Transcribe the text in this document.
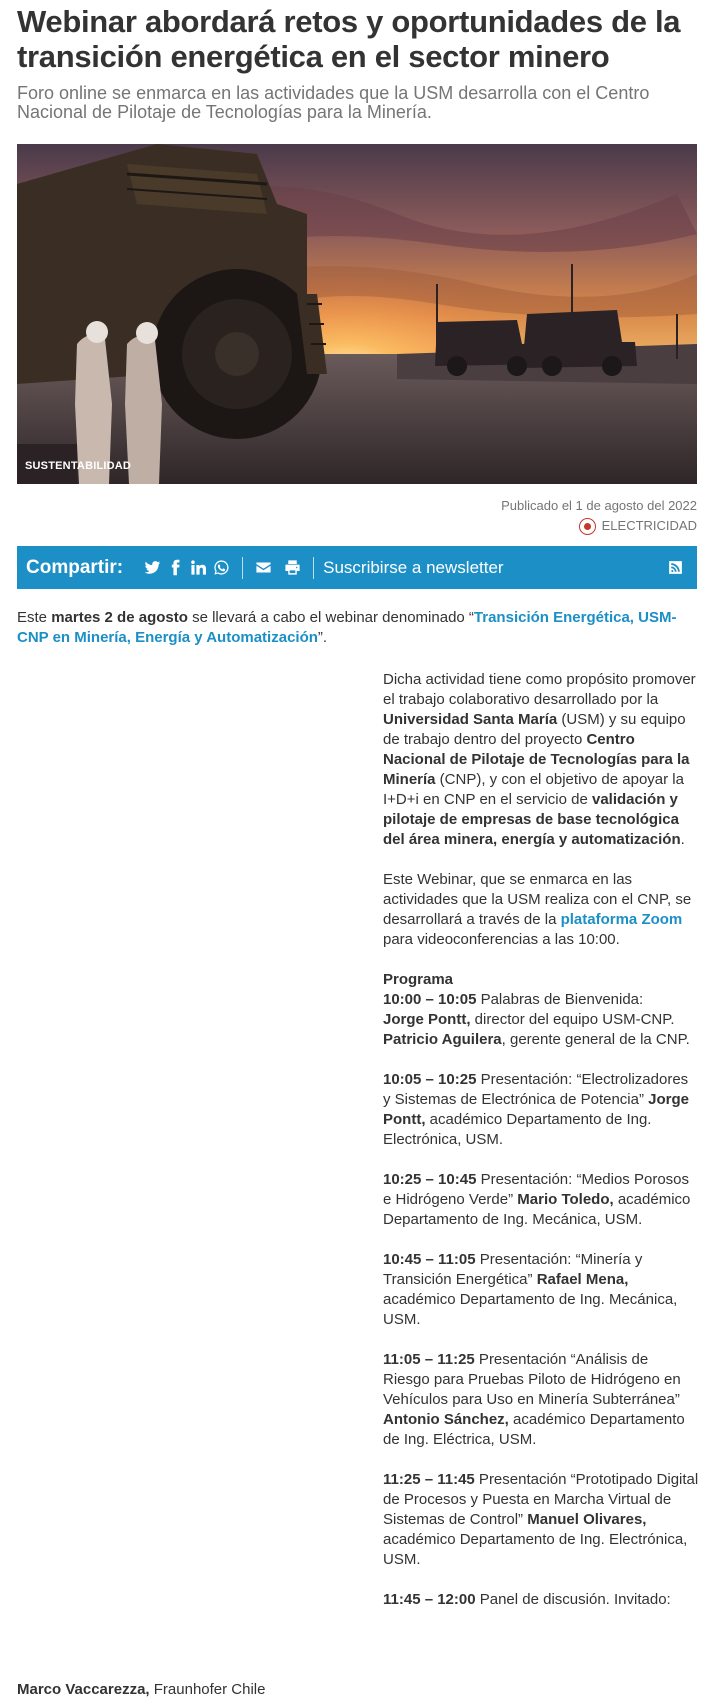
Webinar abordará retos y oportunidades de la transición energética en el sector minero
Foro online se enmarca en las actividades que la USM desarrolla con el Centro Nacional de Pilotaje de Tecnologías para la Minería.
SUSTENTABILIDAD
Publicado el 1 de agosto del 2022
ELECTRICIDAD
Compartir:	Suscribirse a newsletter
Este martes 2 de agosto se llevará a cabo el webinar denominado “Transición Energética, USM-CNP en Minería, Energía y Automatización”.

Dicha actividad tiene como propósito promover el trabajo colaborativo desarrollado por la Universidad Santa María (USM) y su equipo de trabajo dentro del proyecto Centro Nacional de Pilotaje de Tecnologías para la Minería (CNP), y con el objetivo de apoyar la I+D+i en CNP en el servicio de validación y pilotaje de empresas de base tecnológica del área minera, energía y automatización.

Este Webinar, que se enmarca en las actividades que la USM realiza con el CNP, se desarrollará a través de la plataforma Zoom para videoconferencias a las 10:00.

Programa
10:00 – 10:05 Palabras de Bienvenida:
Jorge Pontt, director del equipo USM-CNP.
Patricio Aguilera, gerente general de la CNP.

10:05 – 10:25 Presentación: “Electrolizadores y Sistemas de Electrónica de Potencia” Jorge Pontt, académico Departamento de Ing. Electrónica, USM.

10:25 – 10:45 Presentación: “Medios Porosos e Hidrógeno Verde” Mario Toledo, académico Departamento de Ing. Mecánica, USM.

10:45 – 11:05 Presentación: “Minería y Transición Energética” Rafael Mena, académico Departamento de Ing. Mecánica, USM.

11:05 – 11:25 Presentación “Análisis de Riesgo para Pruebas Piloto de Hidrógeno en Vehículos para Uso en Minería Subterránea” Antonio Sánchez, académico Departamento de Ing. Eléctrica, USM.

11:25 – 11:45 Presentación “Prototipado Digital de Procesos y Puesta en Marcha Virtual de Sistemas de Control” Manuel Olivares, académico Departamento de Ing. Electrónica, USM.

11:45 – 12:00 Panel de discusión. Invitado:

Marco Vaccarezza, Fraunhofer Chile
